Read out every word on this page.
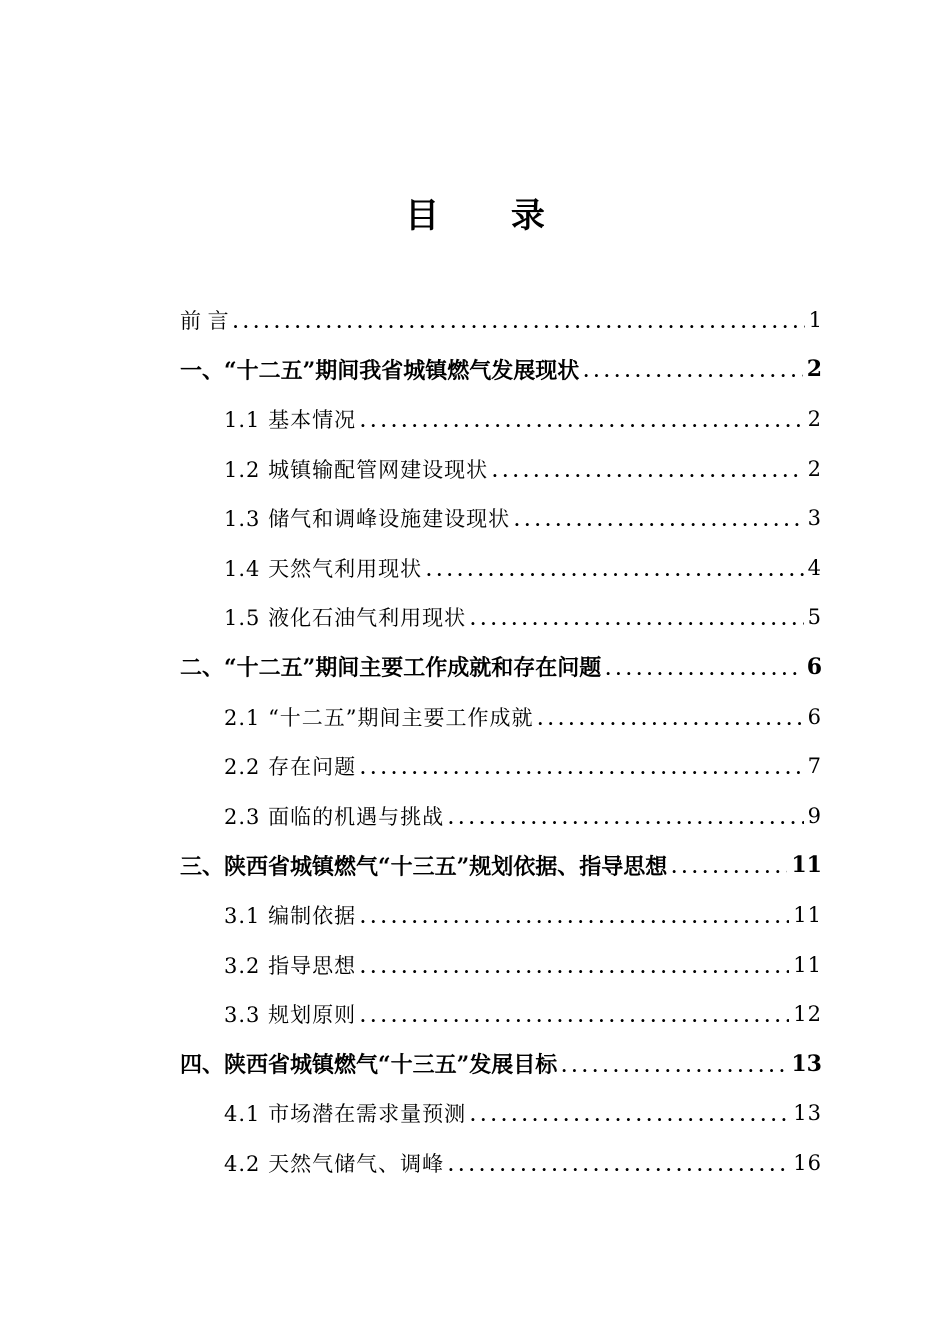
目 录
前 言 .....	1
一、“十二五”期间我省城镇燃气发展现状 .....	2
1.1 基本情况 .....	2
1.2 城镇输配管网建设现状 .....	2
1.3 储气和调峰设施建设现状 .....	3
1.4 天然气利用现状 .....	4
1.5 液化石油气利用现状 .....	5
二、“十二五”期间主要工作成就和存在问题 .....	6
2.1 “十二五”期间主要工作成就 .....	6
2.2 存在问题 .....	7
2.3 面临的机遇与挑战 .....	9
三、陕西省城镇燃气“十三五”规划依据、指导思想 .....	11
3.1 编制依据 .....	11
3.2 指导思想 .....	11
3.3 规划原则 .....	12
四、陕西省城镇燃气“十三五”发展目标 .....	13
4.1 市场潜在需求量预测 .....	13
4.2 天然气储气、调峰 .....	16
